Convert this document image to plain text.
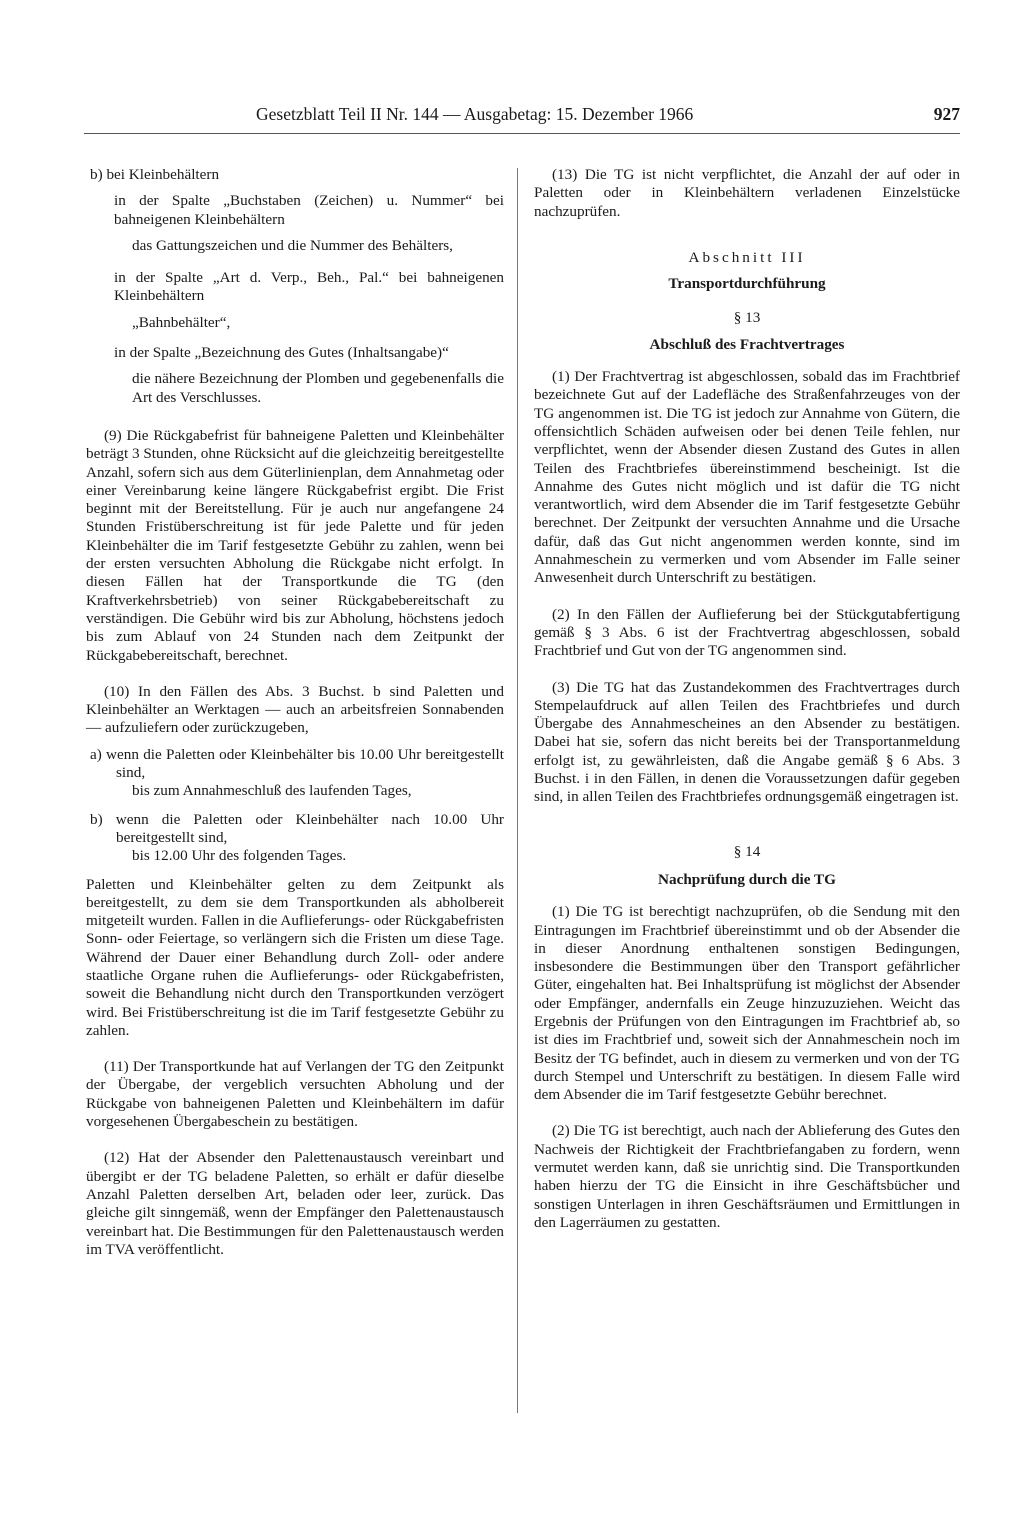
Gesetzblatt Teil II Nr. 144 — Ausgabetag: 15. Dezember 1966	927

b) bei Kleinbehältern

in der Spalte „Buchstaben (Zeichen) u. Nummer“ bei bahneigenen Kleinbehältern

das Gattungszeichen und die Nummer des Behälters,

in der Spalte „Art d. Verp., Beh., Pal.“ bei bahneigenen Kleinbehältern

„Bahnbehälter“,

in der Spalte „Bezeichnung des Gutes (Inhaltsangabe)“

die nähere Bezeichnung der Plomben und gegebenenfalls die Art des Verschlusses.

(9) Die Rückgabefrist für bahneigene Paletten und Kleinbehälter beträgt 3 Stunden, ohne Rücksicht auf die gleichzeitig bereitgestellte Anzahl, sofern sich aus dem Güterlinienplan, dem Annahmetag oder einer Vereinbarung keine längere Rückgabefrist ergibt. Die Frist beginnt mit der Bereitstellung. Für je auch nur angefangene 24 Stunden Fristüberschreitung ist für jede Palette und für jeden Kleinbehälter die im Tarif festgesetzte Gebühr zu zahlen, wenn bei der ersten versuchten Abholung die Rückgabe nicht erfolgt. In diesen Fällen hat der Transportkunde die TG (den Kraftverkehrsbetrieb) von seiner Rückgabebereitschaft zu verständigen. Die Gebühr wird bis zur Abholung, höchstens jedoch bis zum Ablauf von 24 Stunden nach dem Zeitpunkt der Rückgabebereitschaft, berechnet.

(10) In den Fällen des Abs. 3 Buchst. b sind Paletten und Kleinbehälter an Werktagen — auch an arbeitsfreien Sonnabenden — aufzuliefern oder zurückzugeben,

a) wenn die Paletten oder Kleinbehälter bis 10.00 Uhr bereitgestellt sind,

bis zum Annahmeschluß des laufenden Tages,

b) wenn die Paletten oder Kleinbehälter nach 10.00 Uhr bereitgestellt sind,

bis 12.00 Uhr des folgenden Tages.

Paletten und Kleinbehälter gelten zu dem Zeitpunkt als bereitgestellt, zu dem sie dem Transportkunden als abholbereit mitgeteilt wurden. Fallen in die Auflieferungs- oder Rückgabefristen Sonn- oder Feiertage, so verlängern sich die Fristen um diese Tage. Während der Dauer einer Behandlung durch Zoll- oder andere staatliche Organe ruhen die Auflieferungs- oder Rückgabefristen, soweit die Behandlung nicht durch den Transportkunden verzögert wird. Bei Fristüberschreitung ist die im Tarif festgesetzte Gebühr zu zahlen.

(11) Der Transportkunde hat auf Verlangen der TG den Zeitpunkt der Übergabe, der vergeblich versuchten Abholung und der Rückgabe von bahneigenen Paletten und Kleinbehältern im dafür vorgesehenen Übergabeschein zu bestätigen.

(12) Hat der Absender den Palettenaustausch vereinbart und übergibt er der TG beladene Paletten, so erhält er dafür dieselbe Anzahl Paletten derselben Art, beladen oder leer, zurück. Das gleiche gilt sinngemäß, wenn der Empfänger den Palettenaustausch vereinbart hat. Die Bestimmungen für den Palettenaustausch werden im TVA veröffentlicht.

(13) Die TG ist nicht verpflichtet, die Anzahl der auf oder in Paletten oder in Kleinbehältern verladenen Einzelstücke nachzuprüfen.

Abschnitt III

Transportdurchführung

§ 13

Abschluß des Frachtvertrages

(1) Der Frachtvertrag ist abgeschlossen, sobald das im Frachtbrief bezeichnete Gut auf der Ladefläche des Straßenfahrzeuges von der TG angenommen ist. Die TG ist jedoch zur Annahme von Gütern, die offensichtlich Schäden aufweisen oder bei denen Teile fehlen, nur verpflichtet, wenn der Absender diesen Zustand des Gutes in allen Teilen des Frachtbriefes übereinstimmend bescheinigt. Ist die Annahme des Gutes nicht möglich und ist dafür die TG nicht verantwortlich, wird dem Absender die im Tarif festgesetzte Gebühr berechnet. Der Zeitpunkt der versuchten Annahme und die Ursache dafür, daß das Gut nicht angenommen werden konnte, sind im Annahmeschein zu vermerken und vom Absender im Falle seiner Anwesenheit durch Unterschrift zu bestätigen.

(2) In den Fällen der Auflieferung bei der Stückgutabfertigung gemäß § 3 Abs. 6 ist der Frachtvertrag abgeschlossen, sobald Frachtbrief und Gut von der TG angenommen sind.

(3) Die TG hat das Zustandekommen des Frachtvertrages durch Stempelaufdruck auf allen Teilen des Frachtbriefes und durch Übergabe des Annahmescheines an den Absender zu bestätigen. Dabei hat sie, sofern das nicht bereits bei der Transportanmeldung erfolgt ist, zu gewährleisten, daß die Angabe gemäß § 6 Abs. 3 Buchst. i in den Fällen, in denen die Voraussetzungen dafür gegeben sind, in allen Teilen des Frachtbriefes ordnungsgemäß eingetragen ist.

§ 14

Nachprüfung durch die TG

(1) Die TG ist berechtigt nachzuprüfen, ob die Sendung mit den Eintragungen im Frachtbrief übereinstimmt und ob der Absender die in dieser Anordnung enthaltenen sonstigen Bedingungen, insbesondere die Bestimmungen über den Transport gefährlicher Güter, eingehalten hat. Bei Inhaltsprüfung ist möglichst der Absender oder Empfänger, andernfalls ein Zeuge hinzuzuziehen. Weicht das Ergebnis der Prüfungen von den Eintragungen im Frachtbrief ab, so ist dies im Frachtbrief und, soweit sich der Annahmeschein noch im Besitz der TG befindet, auch in diesem zu vermerken und von der TG durch Stempel und Unterschrift zu bestätigen. In diesem Falle wird dem Absender die im Tarif festgesetzte Gebühr berechnet.

(2) Die TG ist berechtigt, auch nach der Ablieferung des Gutes den Nachweis der Richtigkeit der Frachtbriefangaben zu fordern, wenn vermutet werden kann, daß sie unrichtig sind. Die Transportkunden haben hierzu der TG die Einsicht in ihre Geschäftsbücher und sonstigen Unterlagen in ihren Geschäftsräumen und Ermittlungen in den Lagerräumen zu gestatten.
